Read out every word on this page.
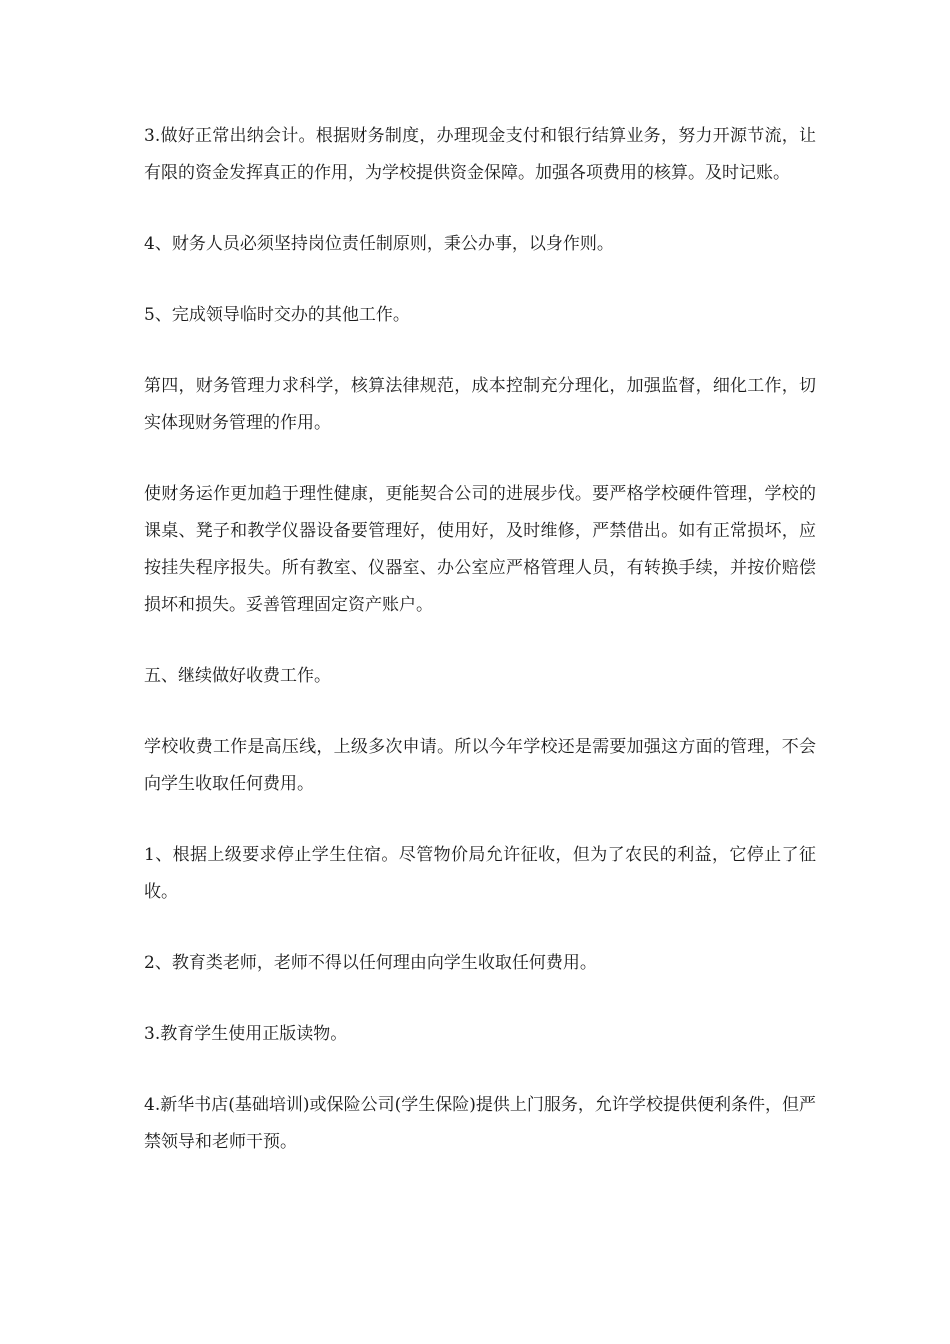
3.做好正常出纳会计。根据财务制度，办理现金支付和银行结算业务，努力开源节流，让有限的资金发挥真正的作用，为学校提供资金保障。加强各项费用的核算。及时记账。

4、财务人员必须坚持岗位责任制原则，秉公办事，以身作则。

5、完成领导临时交办的其他工作。

第四，财务管理力求科学，核算法律规范，成本控制充分理化，加强监督，细化工作，切实体现财务管理的作用。

使财务运作更加趋于理性健康，更能契合公司的进展步伐。要严格学校硬件管理，学校的课桌、凳子和教学仪器设备要管理好，使用好，及时维修，严禁借出。如有正常损坏，应按挂失程序报失。所有教室、仪器室、办公室应严格管理人员，有转换手续，并按价赔偿损坏和损失。妥善管理固定资产账户。

五、继续做好收费工作。

学校收费工作是高压线，上级多次申请。所以今年学校还是需要加强这方面的管理，不会向学生收取任何费用。

1、根据上级要求停止学生住宿。尽管物价局允许征收，但为了农民的利益，它停止了征收。

2、教育类老师，老师不得以任何理由向学生收取任何费用。

3.教育学生使用正版读物。

4.新华书店(基础培训)或保险公司(学生保险)提供上门服务，允许学校提供便利条件，但严禁领导和老师干预。
